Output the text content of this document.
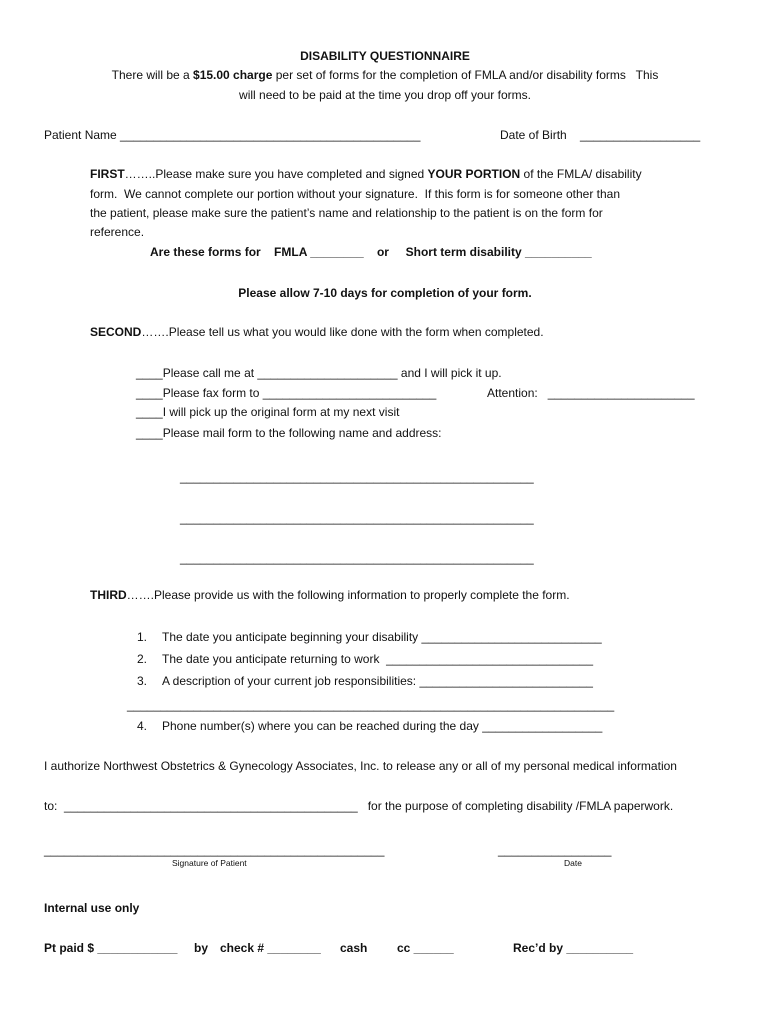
DISABILITY QUESTIONNAIRE
There will be a $15.00 charge per set of forms for the completion of FMLA and/or disability forms   This
will need to be paid at the time you drop off your forms.
Patient Name _____________________________________________	Date of Birth __________________
FIRST……..Please make sure you have completed and signed YOUR PORTION of the FMLA/ disability
form.  We cannot complete our portion without your signature.  If this form is for someone other than
the patient, please make sure the patient’s name and relationship to the patient is on the form for
reference.
Are these forms for    FMLA ________    or     Short term disability __________
Please allow 7-10 days for completion of your form.
SECOND…….Please tell us what you would like done with the form when completed.
____Please call me at _____________________ and I will pick it up.
____Please fax form to __________________________	Attention:   ______________________
____I will pick up the original form at my next visit
____Please mail form to the following name and address:
_____________________________________________________
_____________________________________________________
_____________________________________________________
THIRD…….Please provide us with the following information to properly complete the form.
1. The date you anticipate beginning your disability ___________________________
2. The date you anticipate returning to work  _______________________________
3. A description of your current job responsibilities: __________________________
_________________________________________________________________________
4. Phone number(s) where you can be reached during the day __________________
I authorize Northwest Obstetrics & Gynecology Associates, Inc. to release any or all of my personal medical information
to:  ____________________________________________ for the purpose of completing disability /FMLA paperwork.
___________________________________________________
Signature of Patient
_________________
Date
Internal use only
Pt paid $ ____________ by check # ________ cash cc ______	Rec’d by __________
